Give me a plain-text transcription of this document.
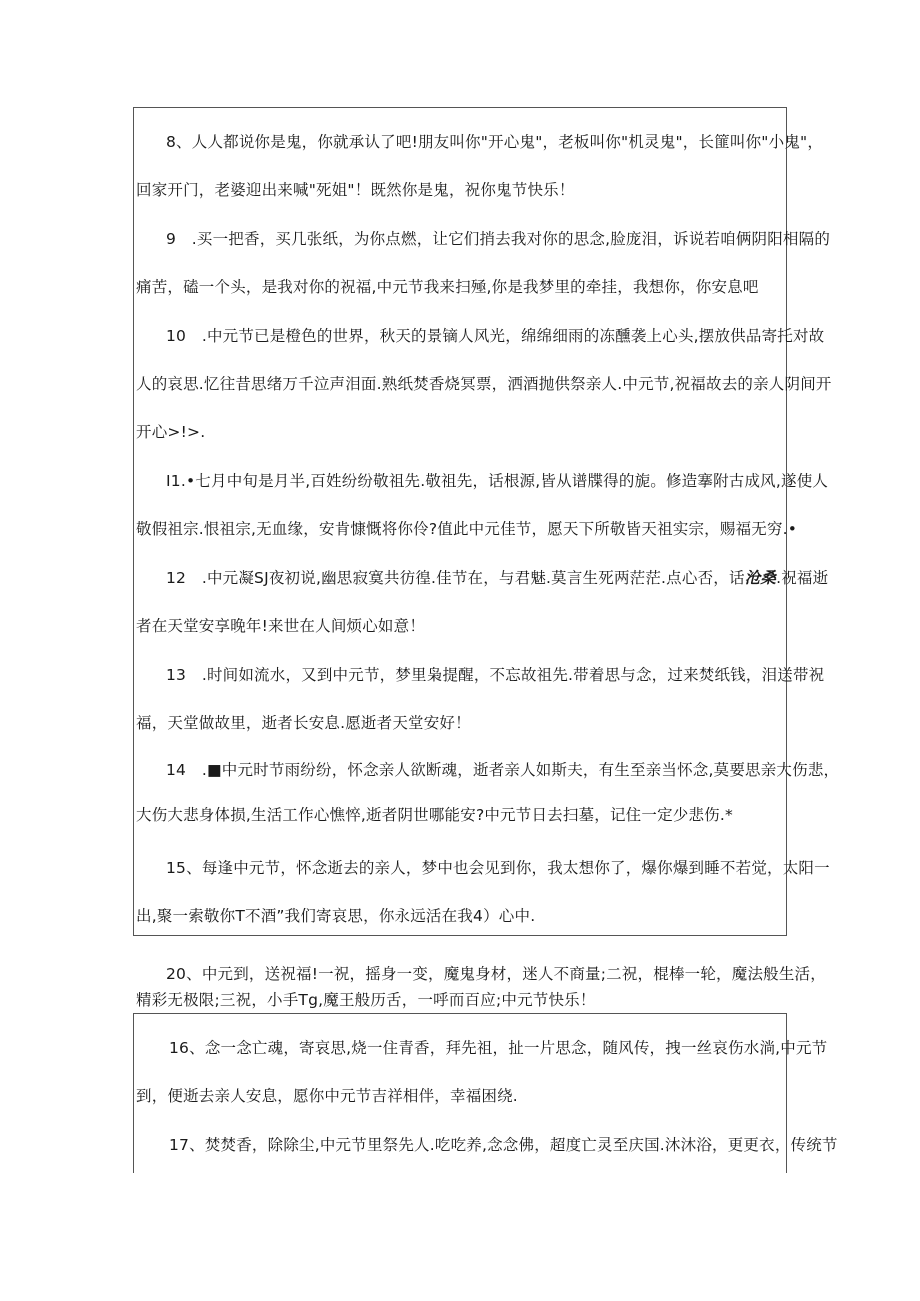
8、人人都说你是鬼，你就承认了吧!朋友叫你"开心鬼"，老板叫你"机灵鬼"，长篚叫你"小鬼"，
回家开门，老婆迎出来喊"死姐"！既然你是鬼，祝你鬼节快乐！
9　.买一把香，买几张纸，为你点燃，让它们捎去我对你的思念,脸庞泪，诉说若咱俩阴阳相隔的
痛苦，磕一个头，是我对你的祝福,中元节我来扫殛,你是我梦里的牵挂，我想你，你安息吧
10　.中元节已是橙色的世界，秋天的景镝人风光，绵绵细雨的冻醺袭上心头,摆放供品寄托对故
人的哀思.忆往昔思绪万千泣声泪面.熟纸焚香烧冥票，洒酒抛供祭亲人.中元节,祝福故去的亲人阴间开
开心>!>.
I1.•七月中旬是月半,百姓纷纷敬祖先.敬祖先，话根源,皆从谱牒得的旎。修造搴附古成风,遂使人
敬假祖宗.恨祖宗,无血缘，安肯慷慨将你伶?值此中元佳节，愿天下所敬皆天祖实宗，赐福无穷.•
12　.中元凝SJ夜初说,幽思寂寞共彷徨.佳节在，与君魅.莫言生死两茫茫.点心否，话沧桑.祝福逝
者在天堂安享晚年!来世在人间烦心如意！
13　.时间如流水，又到中元节，梦里枭提醒，不忘故祖先.带着思与念，过来焚纸钱，泪送带祝
福，天堂做故里，逝者长安息.愿逝者天堂安好！
14　.■中元时节雨纷纷，怀念亲人欲断魂，逝者亲人如斯夫，有生至亲当怀念,莫要思亲大伤悲，
大伤大悲身体损,生活工作心憔悴,逝者阴世哪能安?中元节日去扫墓，记住一定少悲伤.*
15、每逢中元节，怀念逝去的亲人，梦中也会见到你，我太想你了，爆你爆到睡不若觉，太阳一
出,聚一索敬你T不酒”我们寄哀思，你永远活在我4）心中.
20、中元到，送祝福!一祝，摇身一变，魔鬼身材，迷人不商量;二祝，棍棒一轮，魔法般生活，
精彩无极限;三祝，小手Tg,魔王般历舌，一呼而百应;中元节快乐！
16、念一念亡魂，寄哀思,烧一住青香，拜先祖，扯一片思念，随风传，拽一丝哀伤水淌,中元节
到，便逝去亲人安息，愿你中元节吉祥相伴，幸福困绕.
17、焚焚香，除除尘,中元节里祭先人.吃吃养,念念佛，超度亡灵至庆国.沐沐浴，更更衣，传统节
